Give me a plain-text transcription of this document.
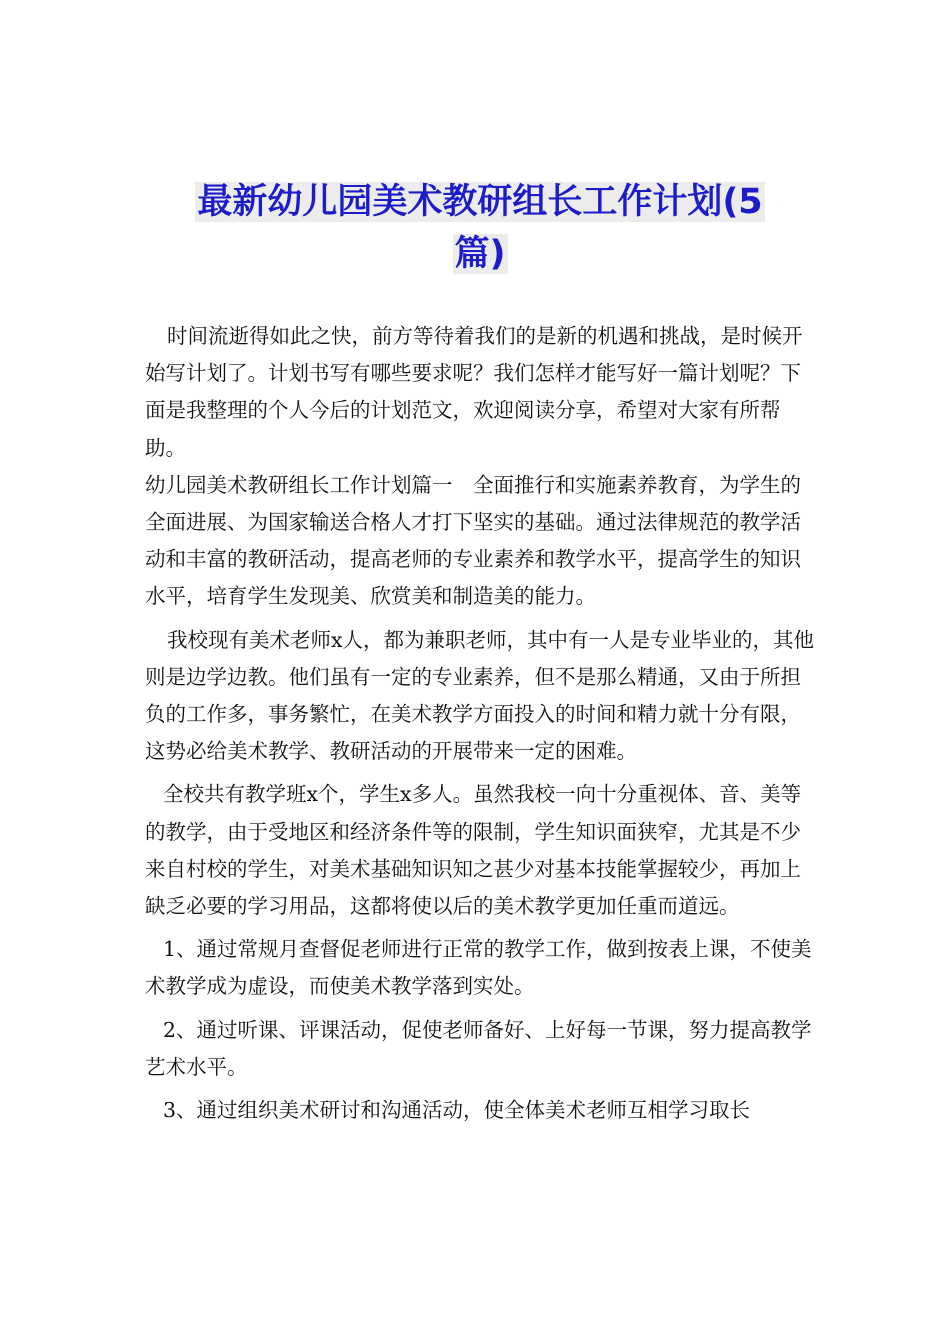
最新幼儿园美术教研组长工作计划(5
篇)

时间流逝得如此之快，前方等待着我们的是新的机遇和挑战，是时候开始写计划了。计划书写有哪些要求呢？我们怎样才能写好一篇计划呢？下面是我整理的个人今后的计划范文，欢迎阅读分享，希望对大家有所帮助。

幼儿园美术教研组长工作计划篇一　全面推行和实施素养教育，为学生的全面进展、为国家输送合格人才打下坚实的基础。通过法律规范的教学活动和丰富的教研活动，提高老师的专业素养和教学水平，提高学生的知识水平，培育学生发现美、欣赏美和制造美的能力。

我校现有美术老师x人，都为兼职老师，其中有一人是专业毕业的，其他则是边学边教。他们虽有一定的专业素养，但不是那么精通，又由于所担负的工作多，事务繁忙，在美术教学方面投入的时间和精力就十分有限，这势必给美术教学、教研活动的开展带来一定的困难。

全校共有教学班x个，学生x多人。虽然我校一向十分重视体、音、美等的教学，由于受地区和经济条件等的限制，学生知识面狭窄，尤其是不少来自村校的学生，对美术基础知识知之甚少对基本技能掌握较少，再加上缺乏必要的学习用品，这都将使以后的美术教学更加任重而道远。

1、通过常规月查督促老师进行正常的教学工作，做到按表上课，不使美术教学成为虚设，而使美术教学落到实处。

2、通过听课、评课活动，促使老师备好、上好每一节课，努力提高教学艺术水平。

3、通过组织美术研讨和沟通活动，使全体美术老师互相学习取长
